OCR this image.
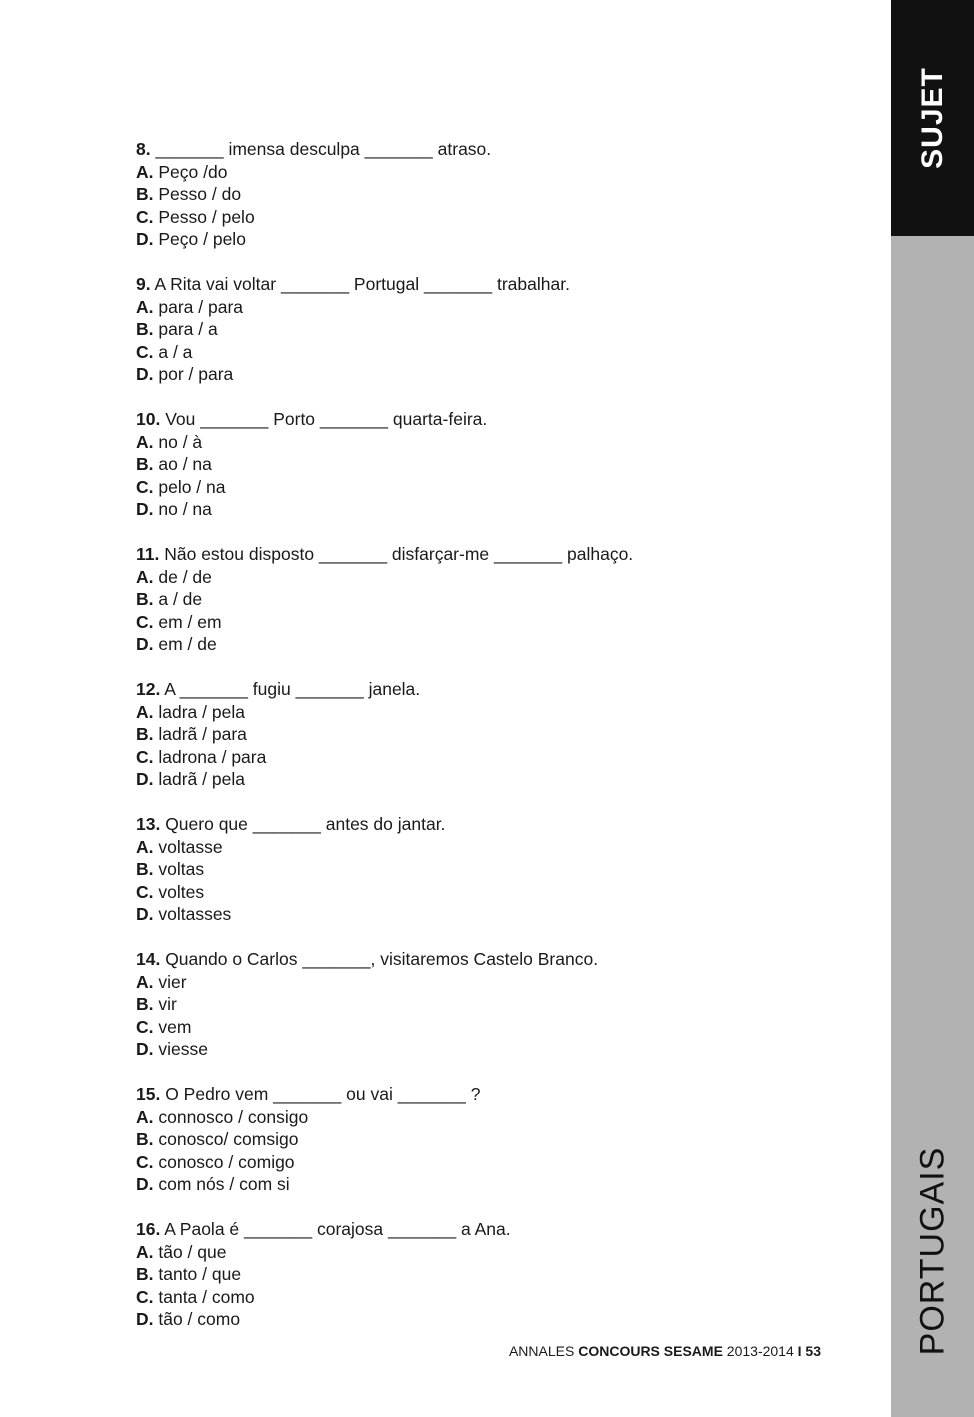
SUJET
PORTUGAIS
8. _______ imensa desculpa _______ atraso.
A. Peço /do
B. Pesso / do
C. Pesso / pelo
D. Peço / pelo
9. A Rita vai voltar _______ Portugal _______ trabalhar.
A. para / para
B. para / a
C. a / a
D. por / para
10. Vou _______ Porto _______ quarta-feira.
A. no / à
B. ao / na
C. pelo / na
D. no / na
11. Não estou disposto _______ disfarçar-me _______ palhaço.
A. de / de
B. a / de
C. em / em
D. em / de
12. A _______ fugiu _______ janela.
A. ladra / pela
B. ladrã / para
C. ladrona / para
D. ladrã / pela
13. Quero que _______ antes do jantar.
A. voltasse
B. voltas
C. voltes
D. voltasses
14. Quando o Carlos _______, visitaremos Castelo Branco.
A. vier
B. vir
C. vem
D. viesse
15. O Pedro vem _______ ou vai _______ ?
A. connosco / consigo
B. conosco/ comsigo
C. conosco / comigo
D. com nós / com si
16. A Paola é _______ corajosa _______ a Ana.
A. tão / que
B. tanto / que
C. tanta / como
D. tão / como
ANNALES CONCOURS SESAME 2013-2014 I 53
